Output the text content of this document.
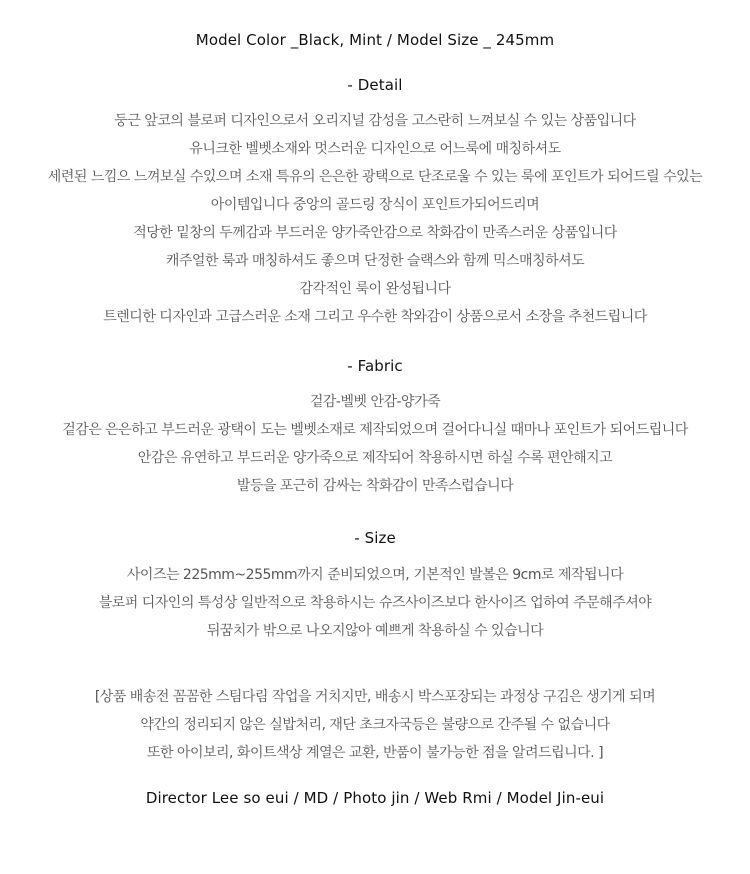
Model Color _Black, Mint / Model Size _ 245mm
- Detail
둥근 앞코의 블로퍼 디자인으로서 오리지널 감성을 고스란히 느껴보실 수 있는 상품입니다
유니크한 벨벳소재와 멋스러운 디자인으로 어느룩에 매칭하셔도
세련된 느낌으 느껴보실 수있으며 소재 특유의 은은한 광택으로 단조로울 수 있는 룩에 포인트가 되어드릴 수있는
아이템입니다 중앙의 골드링 장식이 포인트가되어드리며
적당한 밑창의 두께감과 부드러운 양가죽안감으로 착화감이 만족스러운 상품입니다
캐주얼한 룩과 매칭하셔도 좋으며 단정한 슬랙스와 함께 믹스매칭하셔도
감각적인 룩이 완성됩니다
트렌디한 디자인과 고급스러운 소재 그리고 우수한 착와감이 상품으로서 소장을 추천드립니다
- Fabric
겉감-벨벳 안감-양가죽
겉감은 은은하고 부드러운 광택이 도는 벨벳소재로 제작되었으며 걸어다니실 때마나 포인트가 되어드립니다
안감은 유연하고 부드러운 양가죽으로 제작되어 착용하시면 하실 수록 편안해지고
발등을 포근히 감싸는 착화감이 만족스럽습니다
- Size
사이즈는 225mm~255mm까지 준비되었으며, 기본적인 발볼은 9cm로 제작됩니다
블로퍼 디자인의 특성상 일반적으로 착용하시는 슈즈사이즈보다 한사이즈 업하여 주문해주셔야
뒤꿈치가 밖으로 나오지않아 예쁘게 착용하실 수 있습니다
[상품 배송전 꼼꼼한 스팀다림 작업을 거치지만, 배송시 박스포장되는 과정상 구김은 생기게 되며
약간의 정리되지 않은 실밥처리, 재단 초크자국등은 불량으로 간주될 수 없습니다
또한 아이보리, 화이트색상 계열은 교환, 반품이 불가능한 점을 알려드립니다. ]
Director Lee so eui / MD / Photo jin / Web Rmi / Model Jin-eui
